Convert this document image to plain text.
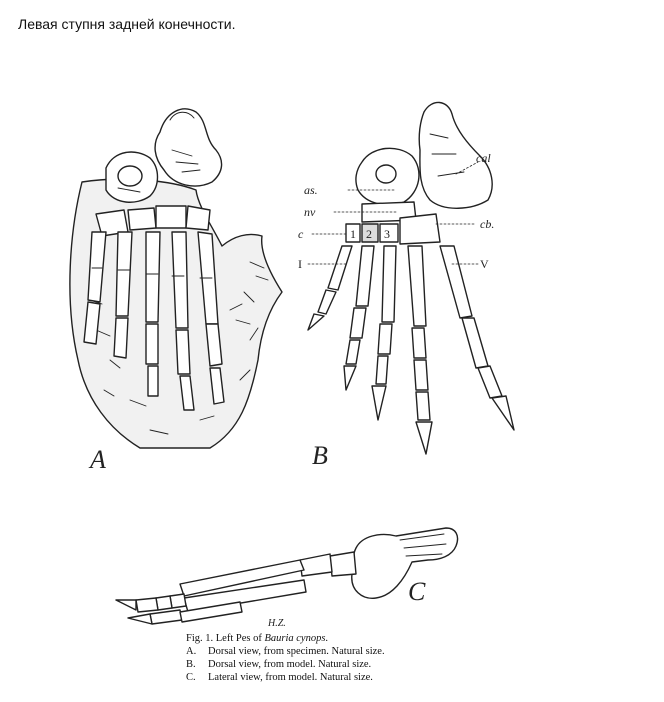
Левая ступня задней конечности.
A	B
C
as.
nv
c
I
cal
cb.
V
1 2 3
H.Z.
Fig. 1. Left Pes of Bauria cynops.
A.	Dorsal view, from specimen. Natural size.
B.	Dorsal view, from model. Natural size.
C.	Lateral view, from model. Natural size.
